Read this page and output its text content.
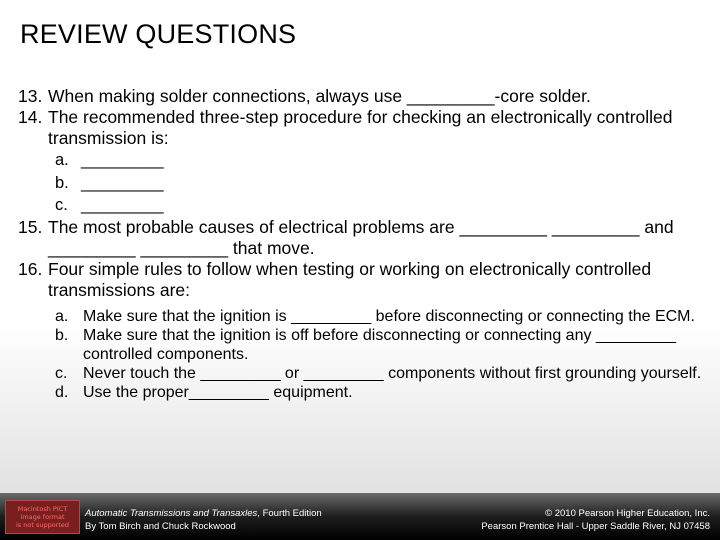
REVIEW QUESTIONS
13. When making solder connections, always use _________-core solder.
14. The recommended three-step procedure for checking an electronically controlled transmission is:
a. _________
b. _________
c. _________
15. The most probable causes of electrical problems are _________ _________ and _________ _________ that move.
16. Four simple rules to follow when testing or working on electronically controlled transmissions are:
a. Make sure that the ignition is _________ before disconnecting or connecting the ECM.
b. Make sure that the ignition is off before disconnecting or connecting any _________ controlled components.
c. Never touch the _________ or _________ components without first grounding yourself.
d. Use the proper_________ equipment.
Macintosh PICT
image format
is not supported
Automatic Transmissions and Transaxles, Fourth Edition
By Tom Birch and Chuck Rockwood
© 2010 Pearson Higher Education, Inc.
Pearson Prentice Hall - Upper Saddle River, NJ 07458
